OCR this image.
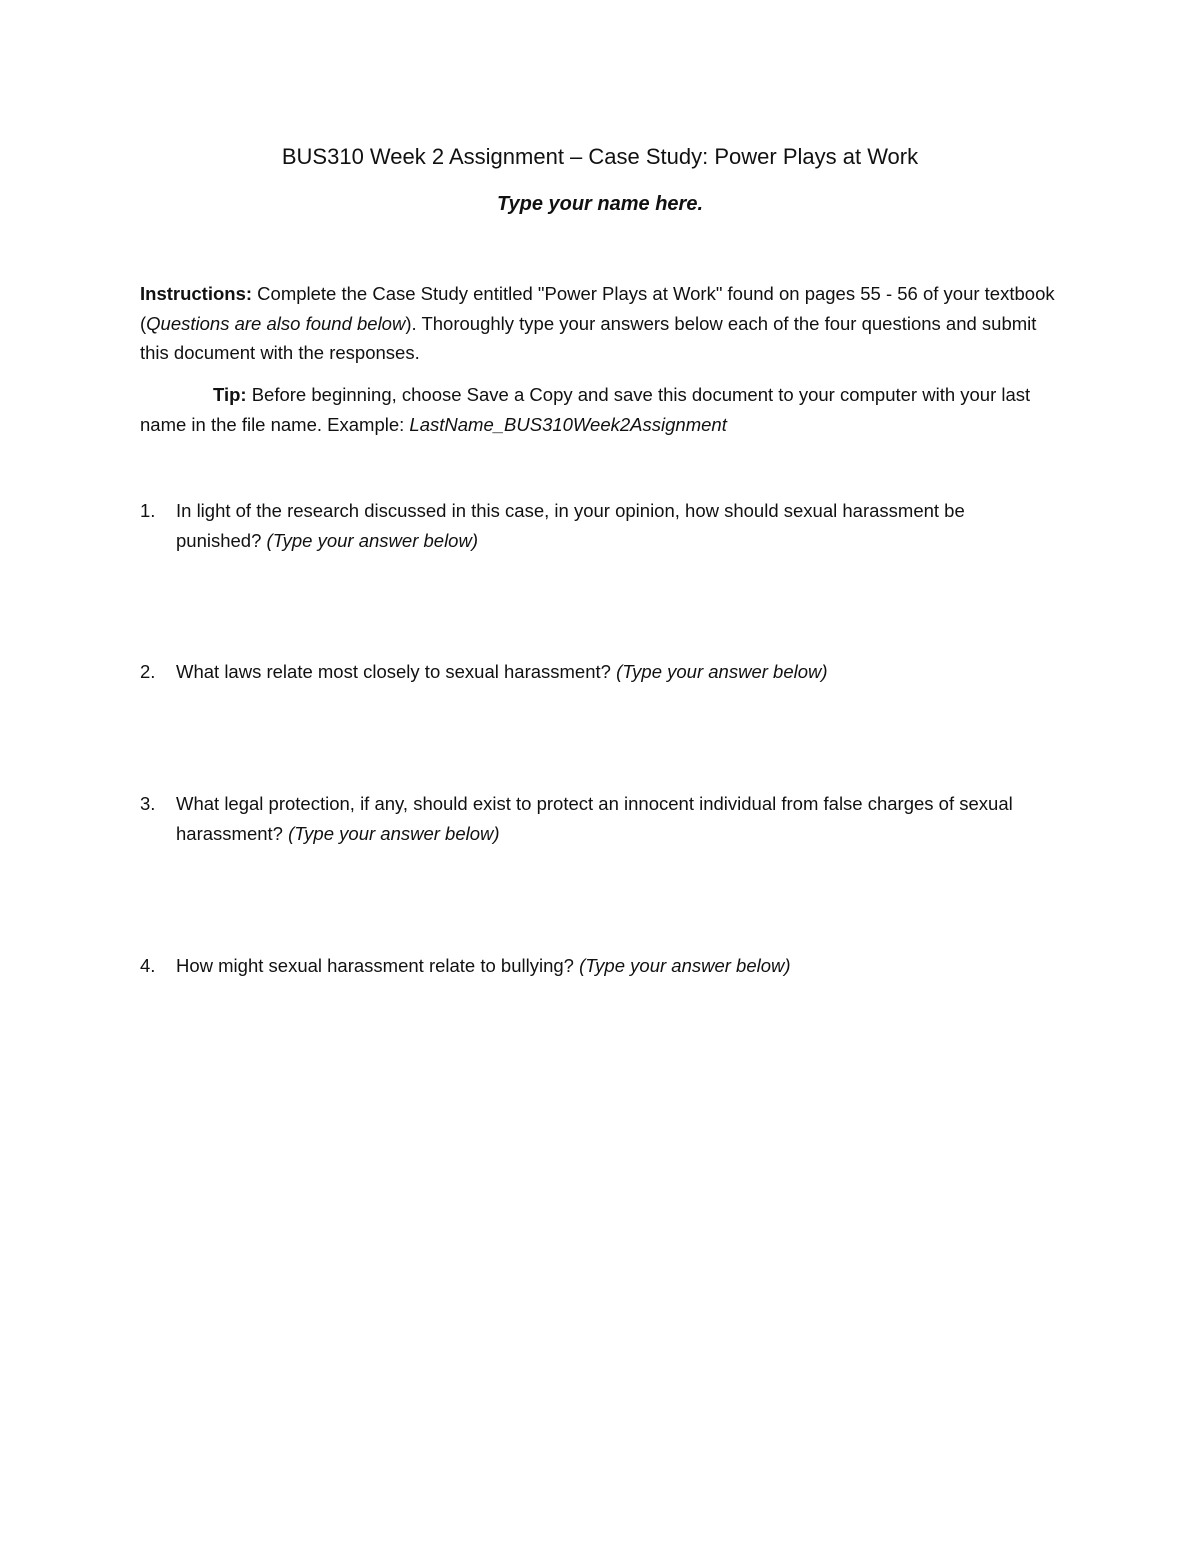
BUS310 Week 2 Assignment – Case Study: Power Plays at Work
Type your name here.
Instructions: Complete the Case Study entitled "Power Plays at Work" found on pages 55 - 56 of your textbook (Questions are also found below). Thoroughly type your answers below each of the four questions and submit this document with the responses.
Tip: Before beginning, choose Save a Copy and save this document to your computer with your last name in the file name. Example: LastName_BUS310Week2Assignment
1.	In light of the research discussed in this case, in your opinion, how should sexual harassment be punished? (Type your answer below)
2.	What laws relate most closely to sexual harassment? (Type your answer below)
3.	What legal protection, if any, should exist to protect an innocent individual from false charges of sexual harassment? (Type your answer below)
4.	How might sexual harassment relate to bullying? (Type your answer below)
